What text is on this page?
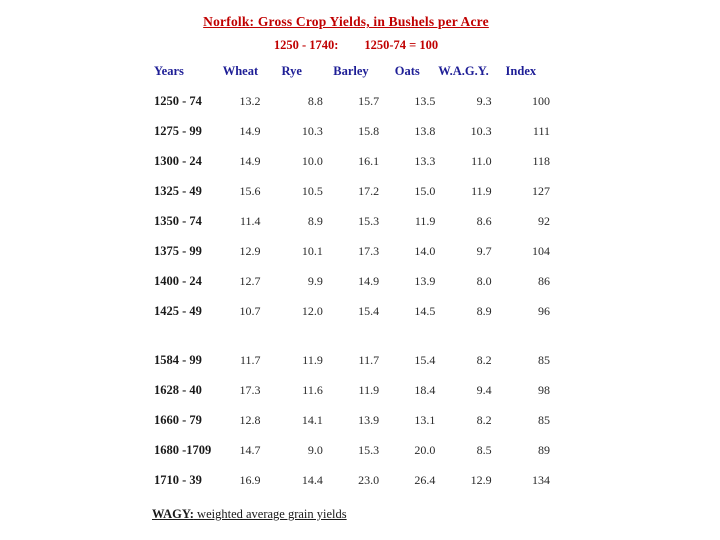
Norfolk: Gross Crop Yields, in Bushels per Acre
1250 - 1740: 1250-74 = 100
Years	Wheat	Rye	Barley	Oats	W.A.G.Y.	Index
1250 - 74	13.2	8.8	15.7	13.5	9.3	100
1275 - 99	14.9	10.3	15.8	13.8	10.3	111
1300 - 24	14.9	10.0	16.1	13.3	11.0	118
1325 - 49	15.6	10.5	17.2	15.0	11.9	127
1350 - 74	11.4	8.9	15.3	11.9	8.6	92
1375 - 99	12.9	10.1	17.3	14.0	9.7	104
1400 - 24	12.7	9.9	14.9	13.9	8.0	86
1425 - 49	10.7	12.0	15.4	14.5	8.9	96

1584 - 99	11.7	11.9	11.7	15.4	8.2	85
1628 - 40	17.3	11.6	11.9	18.4	9.4	98
1660 - 79	12.8	14.1	13.9	13.1	8.2	85
1680 -1709	14.7	9.0	15.3	20.0	8.5	89
1710 - 39	16.9	14.4	23.0	26.4	12.9	134
WAGY: weighted average grain yields
